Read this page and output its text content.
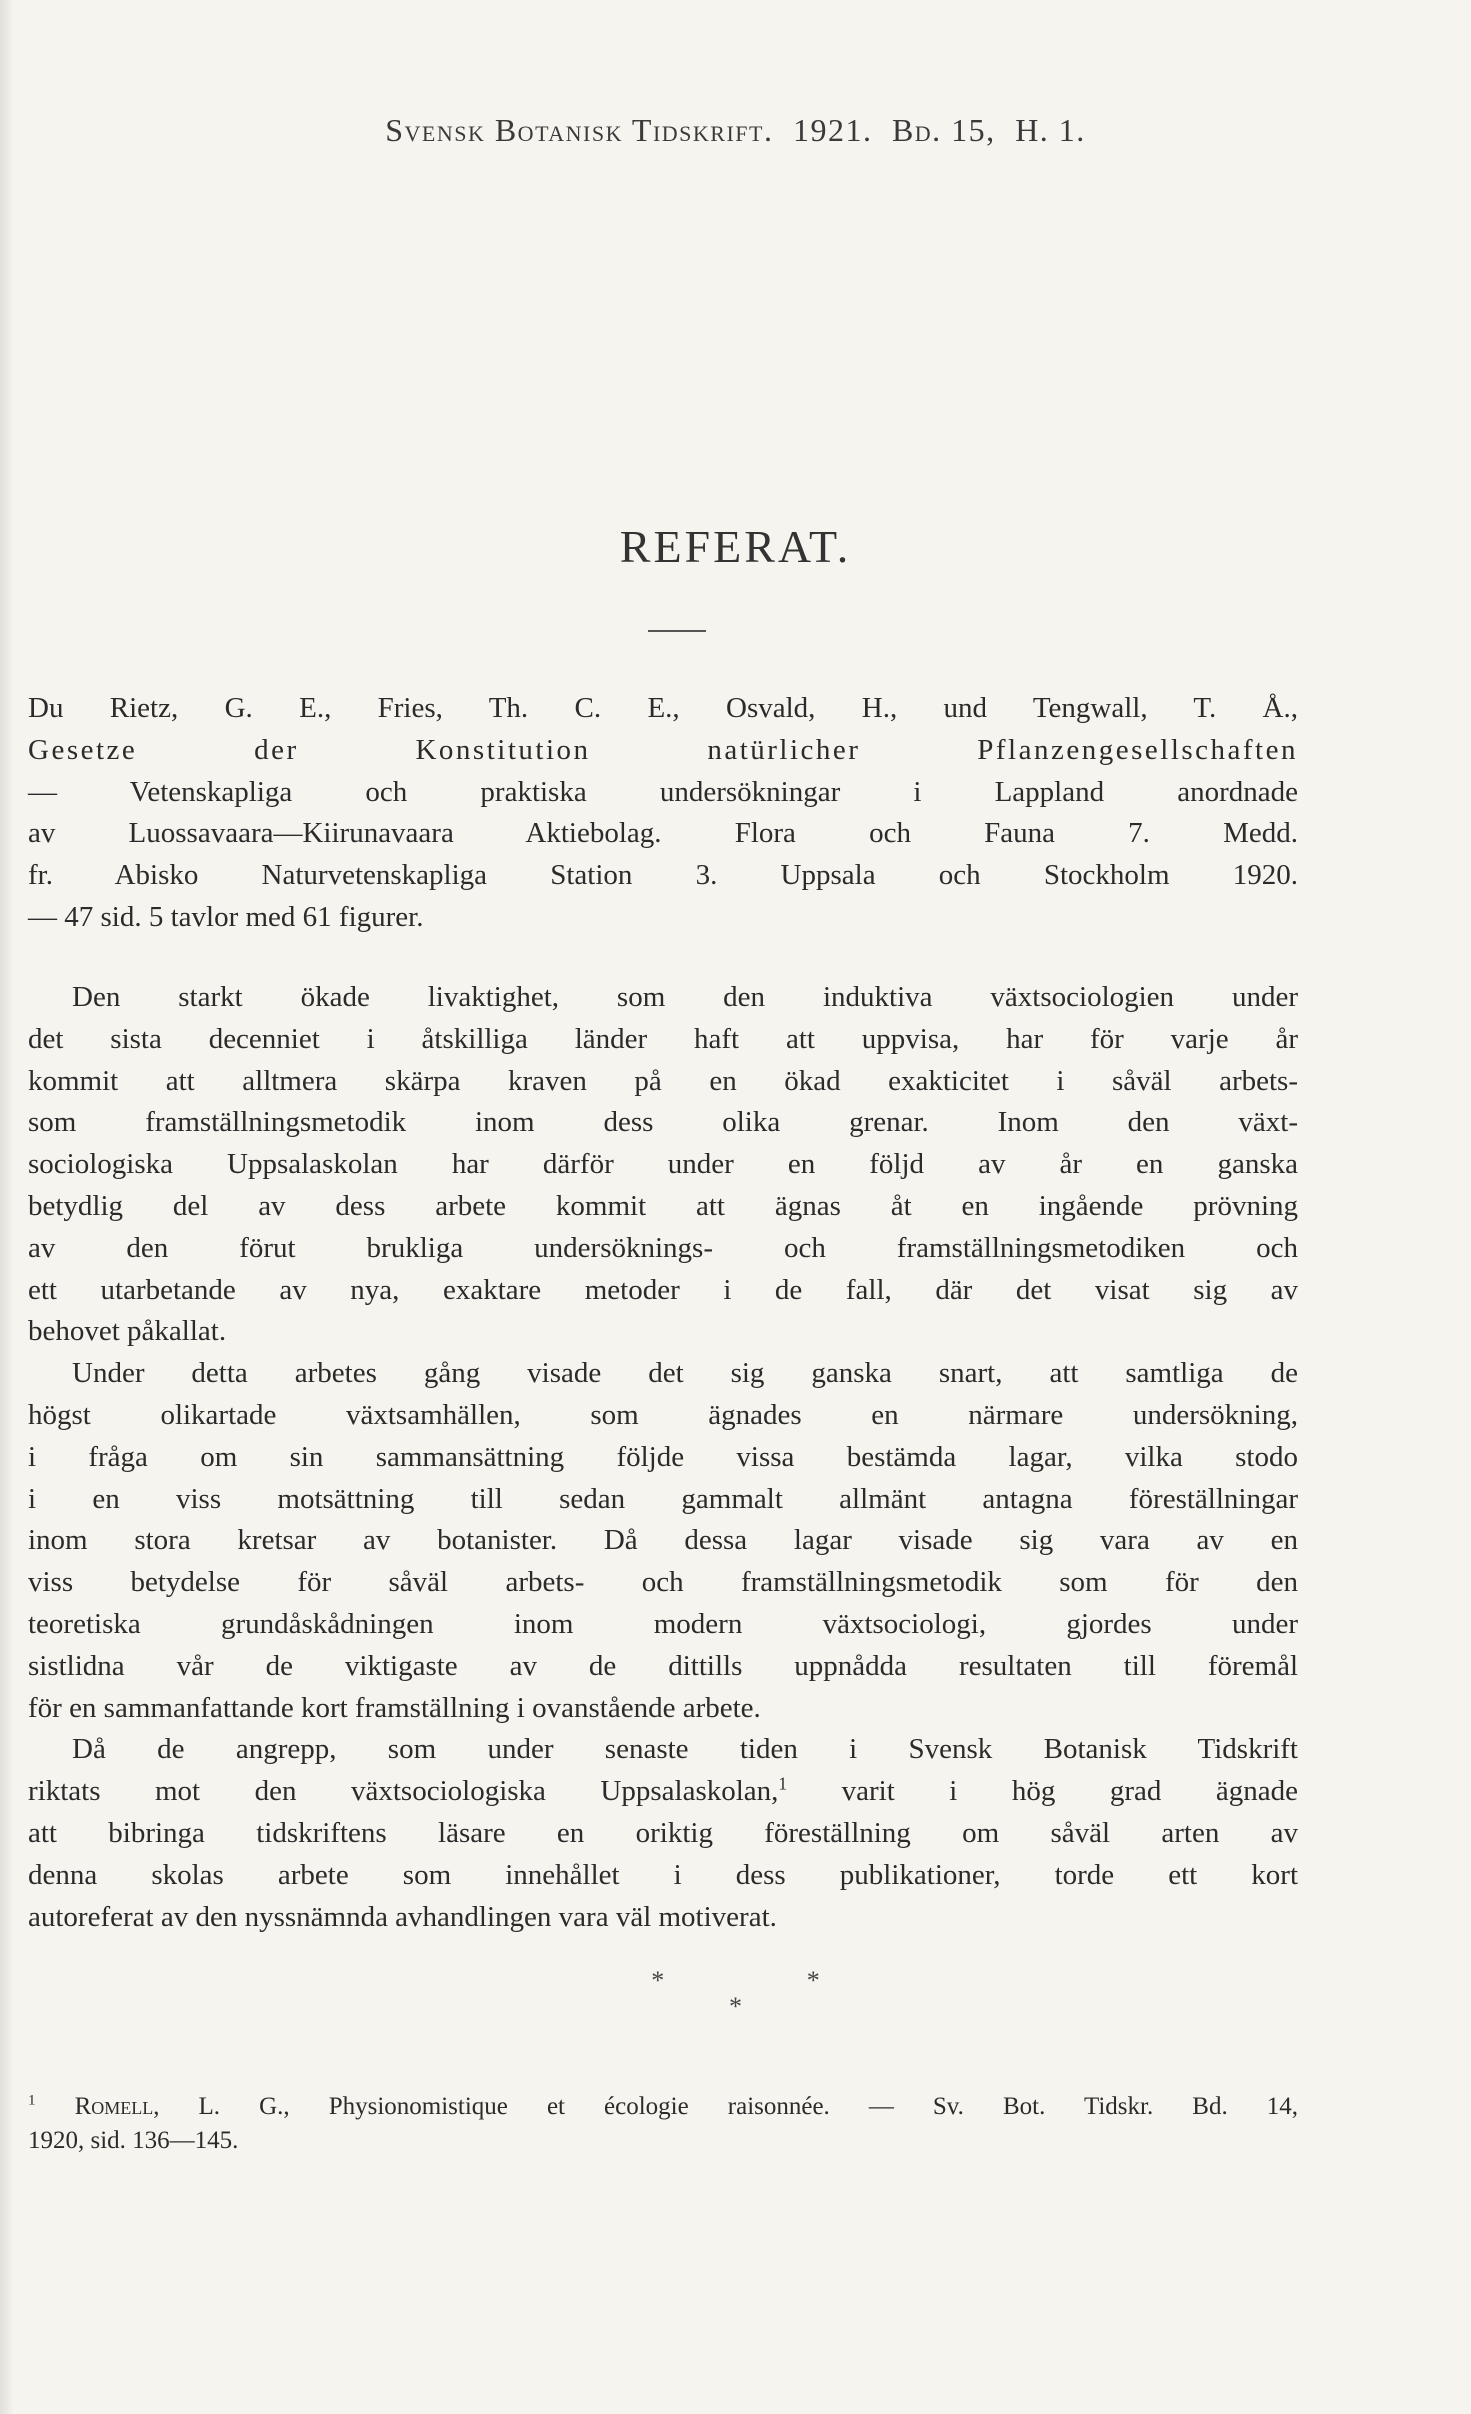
Svensk Botanisk Tidskrift. 1921. Bd. 15, H. 1.
REFERAT.
Du Rietz, G. E., Fries, Th. C. E., Osvald, H., und Tengwall, T. Å.,
Gesetze der Konstitution natürlicher Pflanzengesellschaften
— Vetenskapliga och praktiska undersökningar i Lappland anordnade
av Luossavaara—Kiirunavaara Aktiebolag. Flora och Fauna 7. Medd.
fr. Abisko Naturvetenskapliga Station 3. Uppsala och Stockholm 1920.
— 47 sid. 5 tavlor med 61 figurer.
Den starkt ökade livaktighet, som den induktiva växtsociologien under
det sista decenniet i åtskilliga länder haft att uppvisa, har för varje år
kommit att alltmera skärpa kraven på en ökad exakticitet i såväl arbets-
som framställningsmetodik inom dess olika grenar. Inom den växt-
sociologiska Uppsalaskolan har därför under en följd av år en ganska
betydlig del av dess arbete kommit att ägnas åt en ingående prövning
av den förut brukliga undersöknings- och framställningsmetodiken och
ett utarbetande av nya, exaktare metoder i de fall, där det visat sig av
behovet påkallat.
Under detta arbetes gång visade det sig ganska snart, att samtliga de
högst olikartade växtsamhällen, som ägnades en närmare undersökning,
i fråga om sin sammansättning följde vissa bestämda lagar, vilka stodo
i en viss motsättning till sedan gammalt allmänt antagna föreställningar
inom stora kretsar av botanister. Då dessa lagar visade sig vara av en
viss betydelse för såväl arbets- och framställningsmetodik som för den
teoretiska grundåskådningen inom modern växtsociologi, gjordes under
sistlidna vår de viktigaste av de dittills uppnådda resultaten till föremål
för en sammanfattande kort framställning i ovanstående arbete.
Då de angrepp, som under senaste tiden i Svensk Botanisk Tidskrift
riktats mot den växtsociologiska Uppsalaskolan,$^1$ varit i hög grad ägnade
att bibringa tidskriftens läsare en oriktig föreställning om såväl arten av
denna skolas arbete som innehållet i dess publikationer, torde ett kort
autoreferat av den nyssnämnda avhandlingen vara väl motiverat.
*	*
*
$^1$ Romell, L. G., Physionomistique et écologie raisonnée. — Sv. Bot. Tidskr. Bd. 14,
1920, sid. 136—145.
